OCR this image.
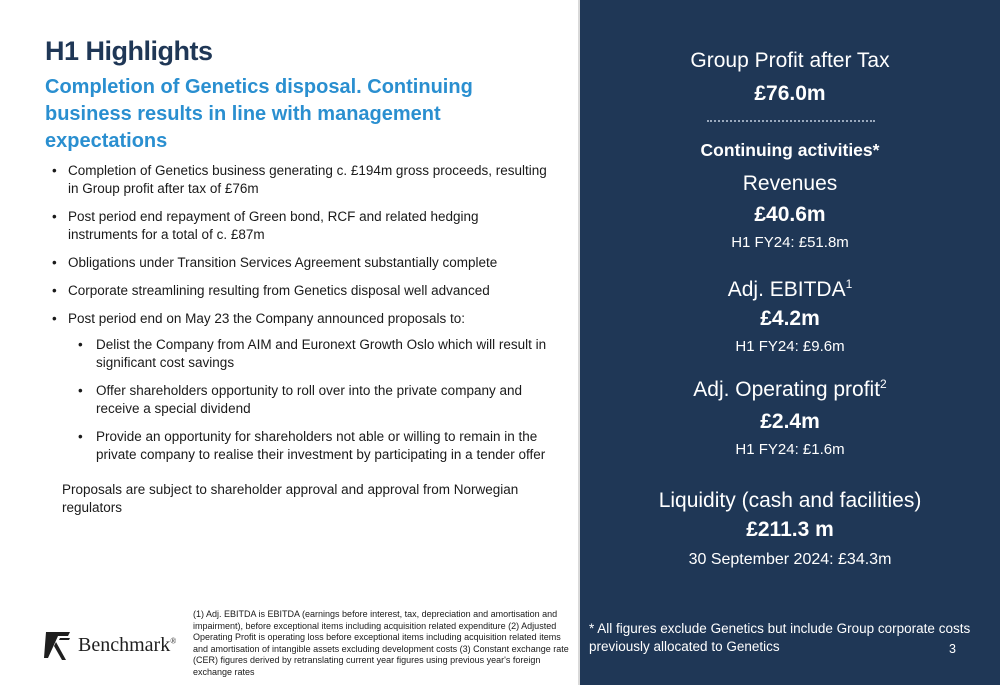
H1 Highlights
Completion of Genetics disposal. Continuing business results in line with management expectations
• Completion of Genetics business generating c. £194m gross proceeds, resulting in Group profit after tax of £76m
• Post period end repayment of Green bond, RCF and related hedging instruments for a total of c. £87m
• Obligations under Transition Services Agreement substantially complete
• Corporate streamlining resulting from Genetics disposal well advanced
• Post period end on May 23 the Company announced proposals to:
• Delist the Company from AIM and Euronext Growth Oslo which will result in significant cost savings
• Offer shareholders opportunity to roll over into the private company and receive a special dividend
• Provide an opportunity for shareholders not able or willing to remain in the private company to realise their investment by participating in a tender offer

Proposals are subject to shareholder approval and approval from Norwegian regulators

Benchmark®

(1) Adj. EBITDA is EBITDA (earnings before interest, tax, depreciation and amortisation and impairment), before exceptional items including acquisition related expenditure (2) Adjusted Operating Profit is operating loss before exceptional items including acquisition related items and amortisation of intangible assets excluding development costs (3) Constant exchange rate (CER) figures derived by retranslating current year figures using previous year's foreign exchange rates

Group Profit after Tax
£76.0m
Continuing activities*
Revenues
£40.6m
H1 FY24: £51.8m
Adj. EBITDA$^1$
£4.2m
H1 FY24: £9.6m
Adj. Operating profit$^2$
£2.4m
H1 FY24: £1.6m
Liquidity (cash and facilities)
£211.3 m
30 September 2024: £34.3m

* All figures exclude Genetics but include Group corporate costs previously allocated to Genetics	3
